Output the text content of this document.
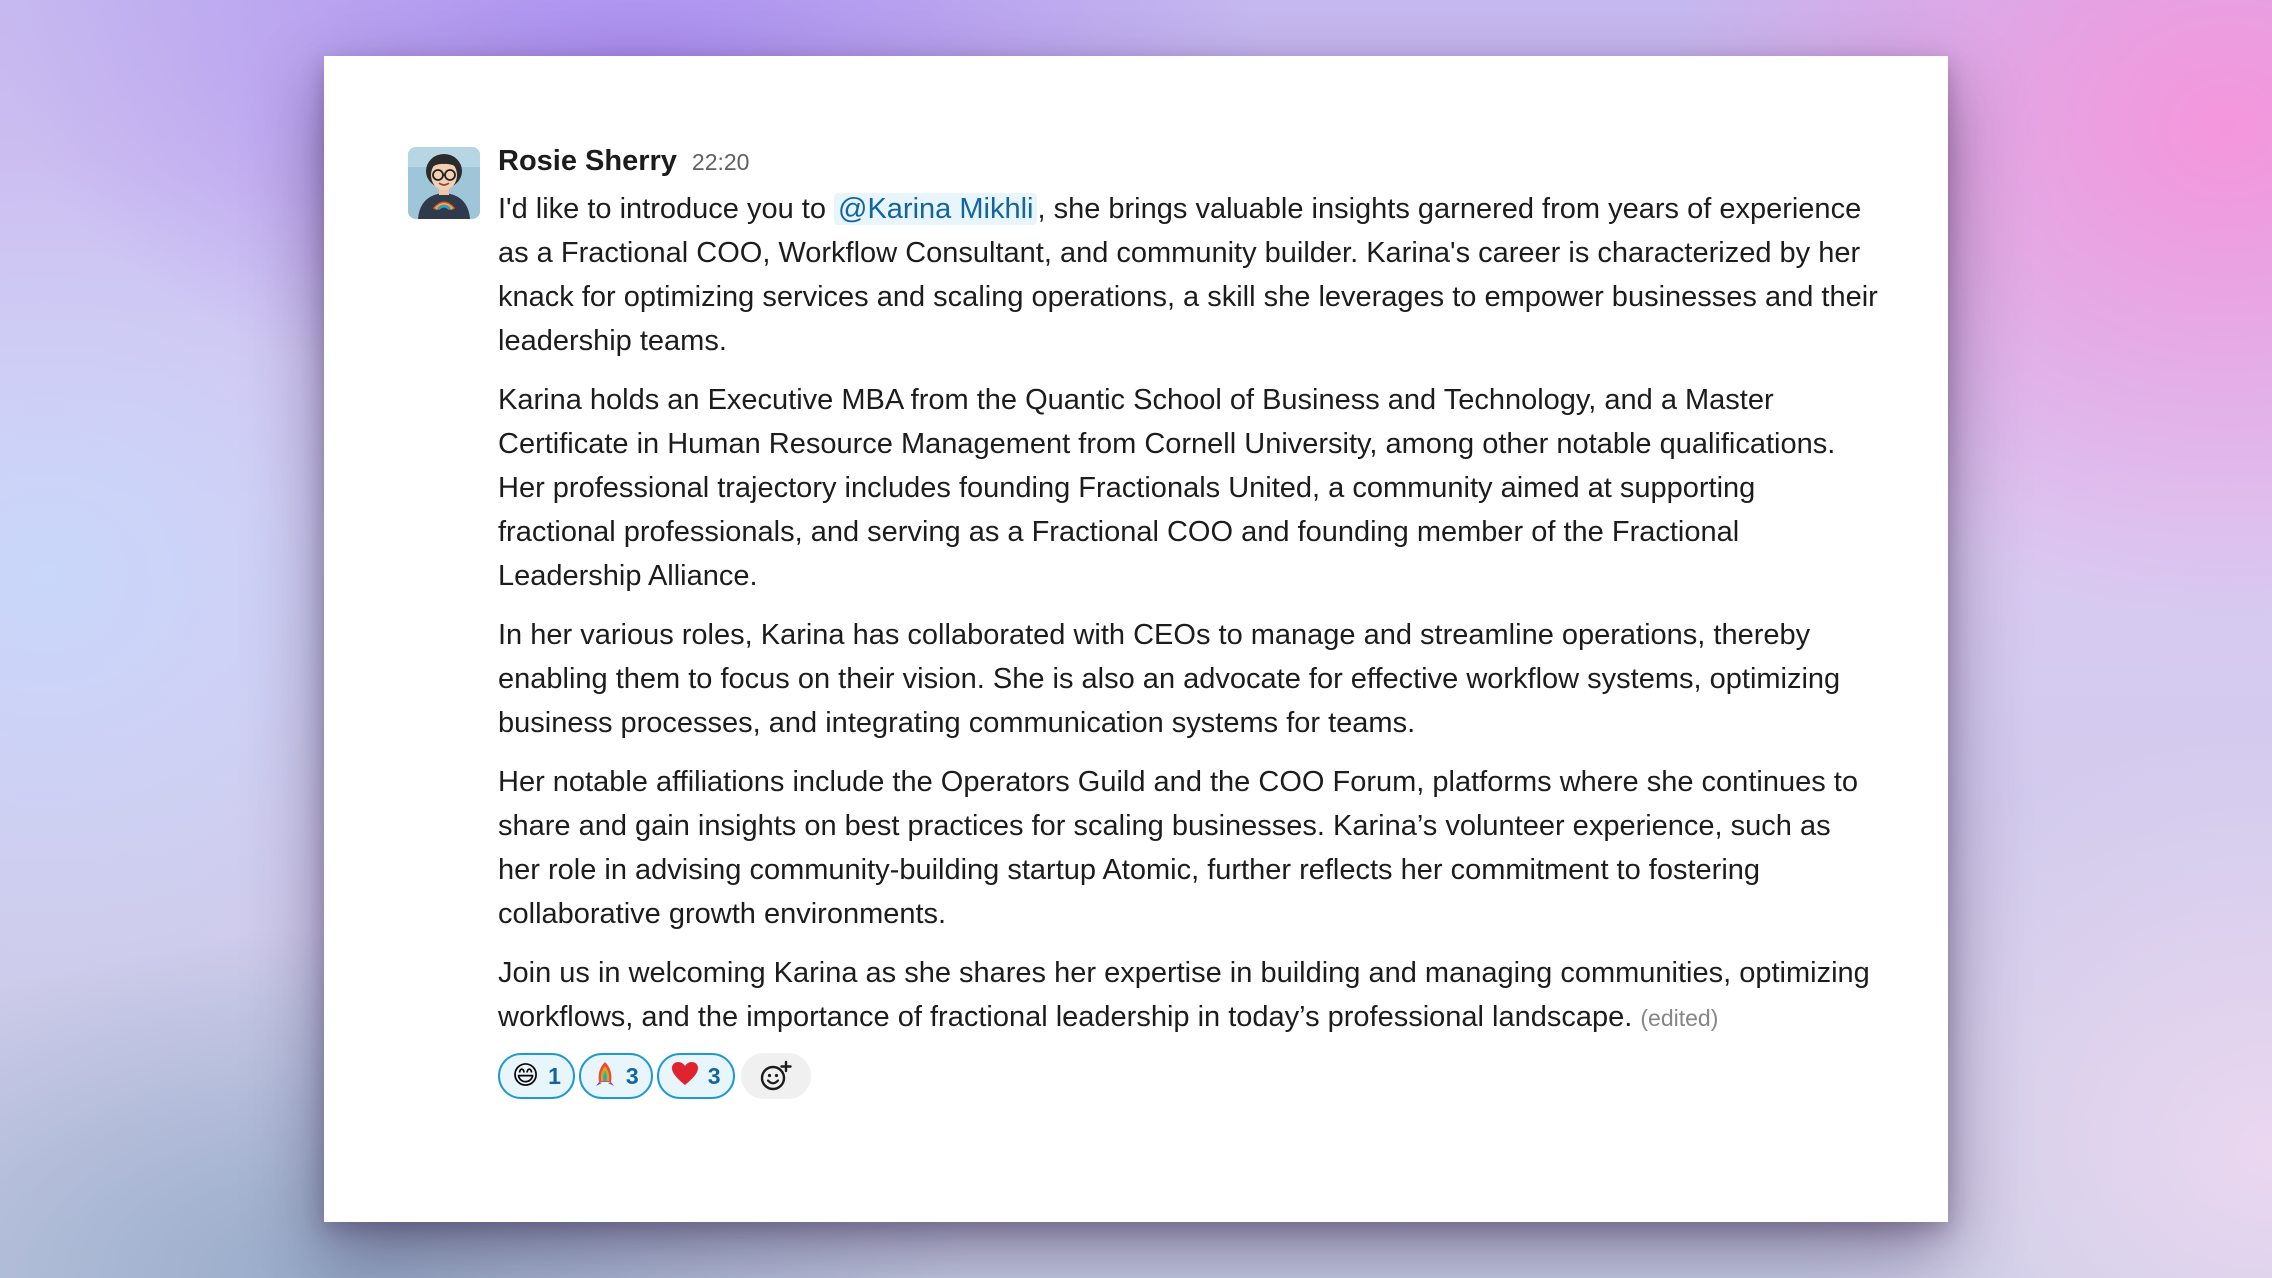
Rosie Sherry 22:20

I'd like to introduce you to @Karina Mikhli , she brings valuable insights garnered from years of experience as a Fractional COO, Workflow Consultant, and community builder. Karina's career is characterized by her knack for optimizing services and scaling operations, a skill she leverages to empower businesses and their leadership teams.

Karina holds an Executive MBA from the Quantic School of Business and Technology, and a Master Certificate in Human Resource Management from Cornell University, among other notable qualifications. Her professional trajectory includes founding Fractionals United, a community aimed at supporting fractional professionals, and serving as a Fractional COO and founding member of the Fractional Leadership Alliance.

In her various roles, Karina has collaborated with CEOs to manage and streamline operations, thereby enabling them to focus on their vision. She is also an advocate for effective workflow systems, optimizing business processes, and integrating communication systems for teams.

Her notable affiliations include the Operators Guild and the COO Forum, platforms where she continues to share and gain insights on best practices for scaling businesses. Karina’s volunteer experience, such as her role in advising community-building startup Atomic, further reflects her commitment to fostering collaborative growth environments.

Join us in welcoming Karina as she shares her expertise in building and managing communities, optimizing workflows, and the importance of fractional leadership in today’s professional landscape. (edited)

😄 1	3	3
